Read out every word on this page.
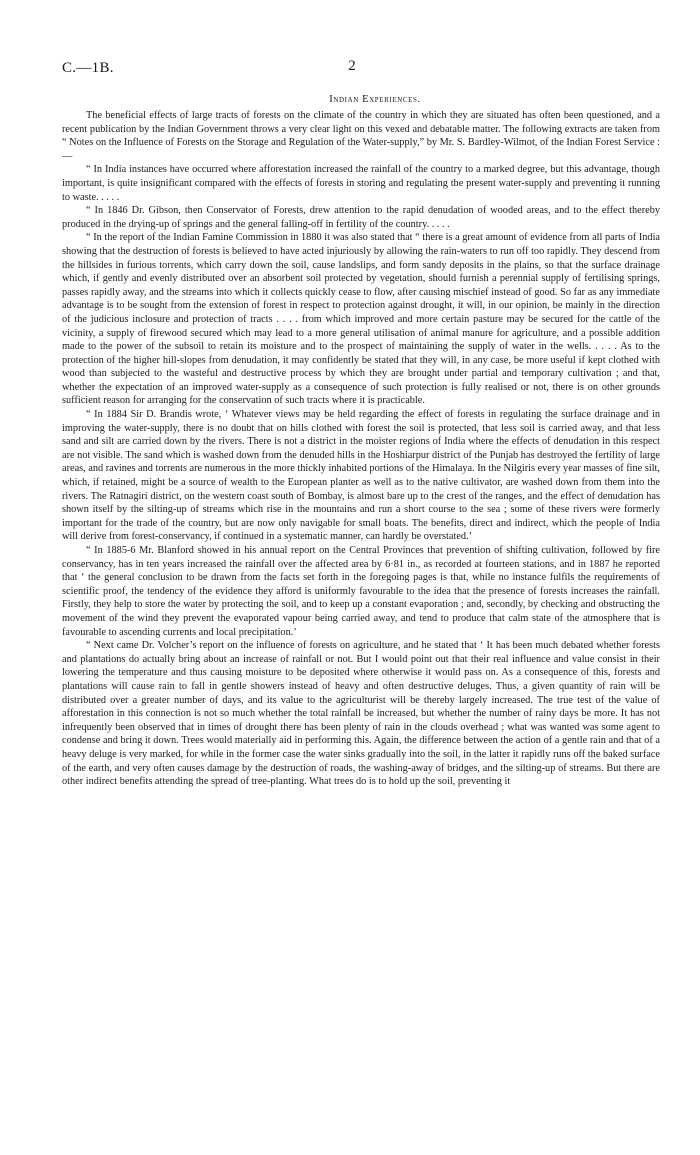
C.—1B.	2
Indian Experiences.

The beneficial effects of large tracts of forests on the climate of the country in which they are situated has often been questioned, and a recent publication by the Indian Government throws a very clear light on this vexed and debatable matter. The following extracts are taken from “ Notes on the Influence of Forests on the Storage and Regulation of the Water-supply,” by Mr. S. Bardley-Wilmot, of the Indian Forest Service :—

“ In India instances have occurred where afforestation increased the rainfall of the country to a marked degree, but this advantage, though important, is quite insignificant compared with the effects of forests in storing and regulating the present water-supply and preventing it running to waste. . . . .

“ In 1846 Dr. Gibson, then Conservator of Forests, drew attention to the rapid denudation of wooded areas, and to the effect thereby produced in the drying-up of springs and the general falling-off in fertility of the country. . . . .

“ In the report of the Indian Famine Commission in 1880 it was also stated that “ there is a great amount of evidence from all parts of India showing that the destruction of forests is believed to have acted injuriously by allowing the rain-waters to run off too rapidly. They descend from the hillsides in furious torrents, which carry down the soil, cause landslips, and form sandy deposits in the plains, so that the surface drainage which, if gently and evenly distributed over an absorbent soil protected by vegetation, should furnish a perennial supply of fertilising springs, passes rapidly away, and the streams into which it collects quickly cease to flow, after causing mischief instead of good. So far as any immediate advantage is to be sought from the extension of forest in respect to protection against drought, it will, in our opinion, be mainly in the direction of the judicious inclosure and protection of tracts . . . . from which improved and more certain pasture may be secured for the cattle of the vicinity, a supply of firewood secured which may lead to a more general utilisation of animal manure for agriculture, and a possible addition made to the power of the subsoil to retain its moisture and to the prospect of maintaining the supply of water in the wells. . . . . As to the protection of the higher hill-slopes from denudation, it may confidently be stated that they will, in any case, be more useful if kept clothed with wood than subjected to the wasteful and destructive process by which they are brought under partial and temporary cultivation ; and that, whether the expectation of an improved water-supply as a consequence of such protection is fully realised or not, there is on other grounds sufficient reason for arranging for the conservation of such tracts where it is practicable.

“ In 1884 Sir D. Brandis wrote, ‘ Whatever views may be held regarding the effect of forests in regulating the surface drainage and in improving the water-supply, there is no doubt that on hills clothed with forest the soil is protected, that less soil is carried away, and that less sand and silt are carried down by the rivers. There is not a district in the moister regions of India where the effects of denudation in this respect are not visible. The sand which is washed down from the denuded hills in the Hoshiarpur district of the Punjab has destroyed the fertility of large areas, and ravines and torrents are numerous in the more thickly inhabited portions of the Himalaya. In the Nilgiris every year masses of fine silt, which, if retained, might be a source of wealth to the European planter as well as to the native cultivator, are washed down from them into the rivers. The Ratnagiri district, on the western coast south of Bombay, is almost bare up to the crest of the ranges, and the effect of denudation has shown itself by the silting-up of streams which rise in the mountains and run a short course to the sea ; some of these rivers were formerly important for the trade of the country, but are now only navigable for small boats. The benefits, direct and indirect, which the people of India will derive from forest-conservancy, if continued in a systematic manner, can hardly be overstated.’

“ In 1885-6 Mr. Blanford showed in his annual report on the Central Provinces that prevention of shifting cultivation, followed by fire conservancy, has in ten years increased the rainfall over the affected area by 6·81 in., as recorded at fourteen stations, and in 1887 he reported that ‘ the general conclusion to be drawn from the facts set forth in the foregoing pages is that, while no instance fulfils the requirements of scientific proof, the tendency of the evidence they afford is uniformly favourable to the idea that the presence of forests increases the rainfall. Firstly, they help to store the water by protecting the soil, and to keep up a constant evaporation ; and, secondly, by checking and obstructing the movement of the wind they prevent the evaporated vapour being carried away, and tend to produce that calm state of the atmosphere that is favourable to ascending currents and local precipitation.’

“ Next came Dr. Volcher’s report on the influence of forests on agriculture, and he stated that ‘ It has been much debated whether forests and plantations do actually bring about an increase of rainfall or not. But I would point out that their real influence and value consist in their lowering the temperature and thus causing moisture to be deposited where otherwise it would pass on. As a consequence of this, forests and plantations will cause rain to fall in gentle showers instead of heavy and often destructive deluges. Thus, a given quantity of rain will be distributed over a greater number of days, and its value to the agriculturist will be thereby largely increased. The true test of the value of afforestation in this connection is not so much whether the total rainfall be increased, but whether the number of rainy days be more. It has not infrequently been observed that in times of drought there has been plenty of rain in the clouds overhead ; what was wanted was some agent to condense and bring it down. Trees would materially aid in performing this. Again, the difference between the action of a gentle rain and that of a heavy deluge is very marked, for while in the former case the water sinks gradually into the soil, in the latter it rapidly runs off the baked surface of the earth, and very often causes damage by the destruction of roads, the washing-away of bridges, and the silting-up of streams. But there are other indirect benefits attending the spread of tree-planting. What trees do is to hold up the soil, preventing it
